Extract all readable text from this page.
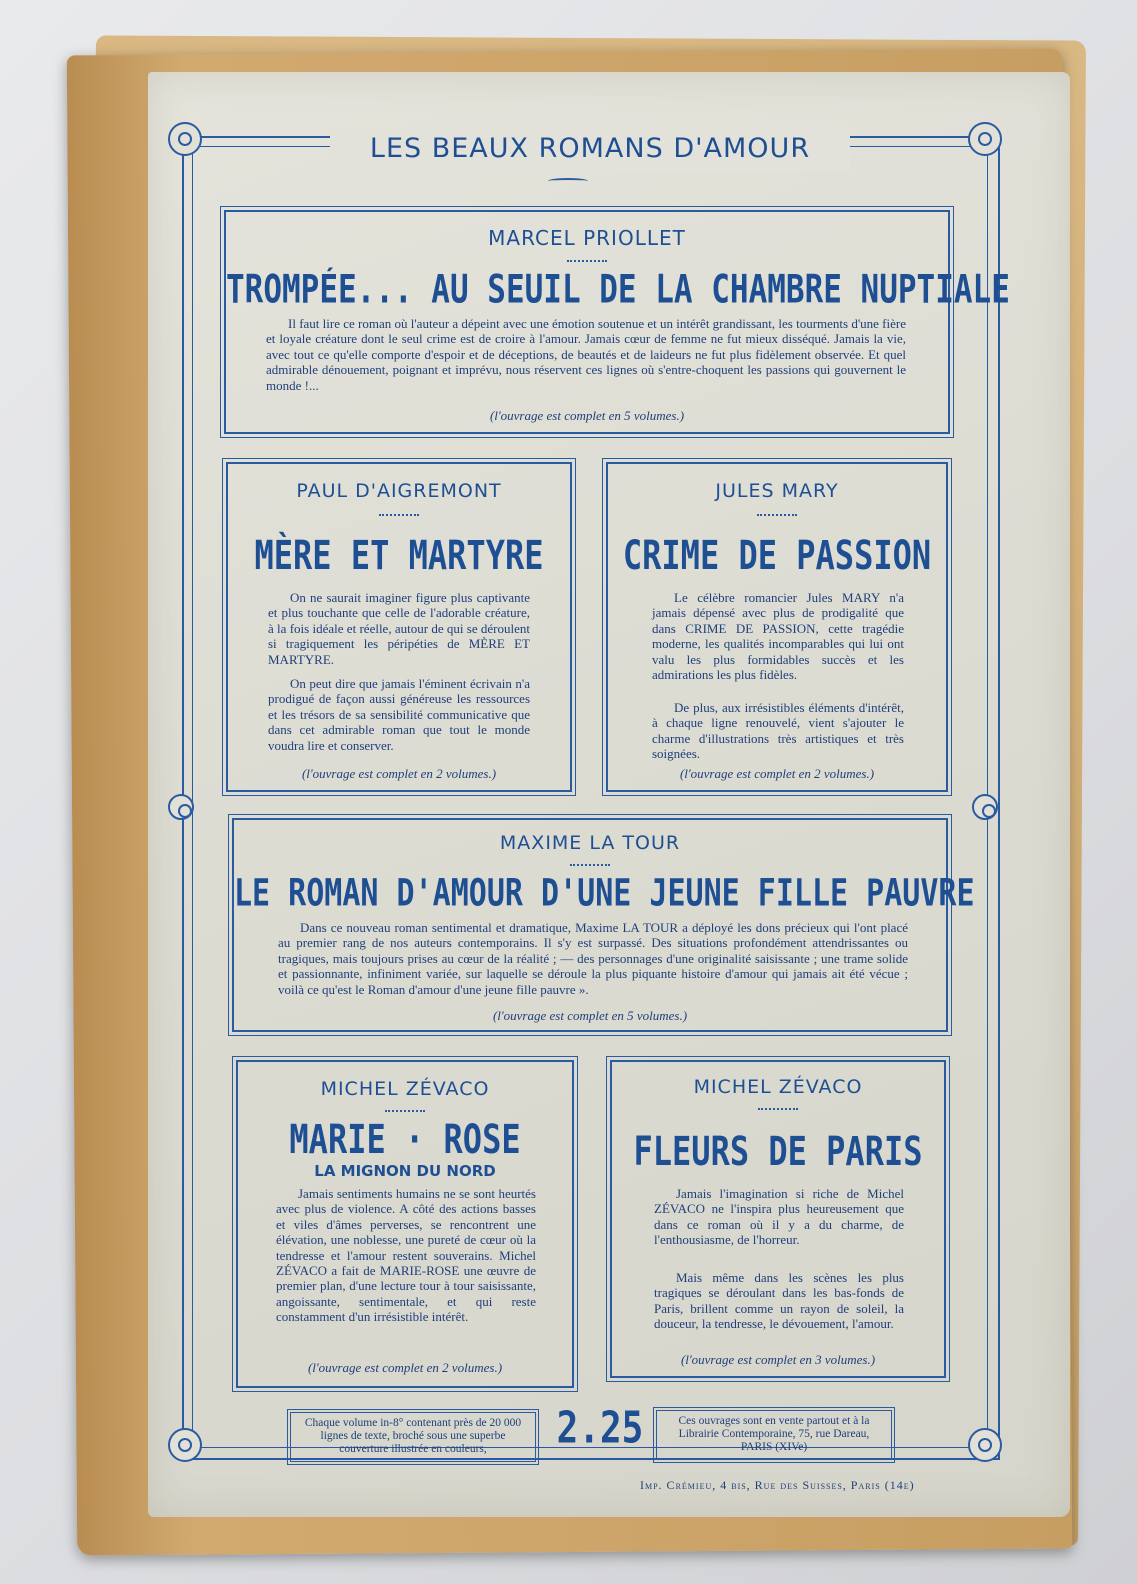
LES BEAUX ROMANS D'AMOUR
MARCEL PRIOLLET
TROMPÉE... AU SEUIL DE LA CHAMBRE NUPTIALE
Il faut lire ce roman où l'auteur a dépeint avec une émotion soutenue et un intérêt grandissant, les tourments d'une fière et loyale créature dont le seul crime est de croire à l'amour. Jamais cœur de femme ne fut mieux disséqué. Jamais la vie, avec tout ce qu'elle comporte d'espoir et de déceptions, de beautés et de laideurs ne fut plus fidèlement observée. Et quel admirable dénouement, poignant et imprévu, nous réservent ces lignes où s'entre-choquent les passions qui gouvernent le monde !...
(l'ouvrage est complet en 5 volumes.)
PAUL D'AIGREMONT
MÈRE ET MARTYRE
On ne saurait imaginer figure plus captivante et plus touchante que celle de l'adorable créature, à la fois idéale et réelle, autour de qui se déroulent si tragiquement les péripéties de MÈRE ET MARTYRE.
On peut dire que jamais l'éminent écrivain n'a prodigué de façon aussi généreuse les ressources et les trésors de sa sensibilité communicative que dans cet admirable roman que tout le monde voudra lire et conserver.
(l'ouvrage est complet en 2 volumes.)
JULES MARY
CRIME DE PASSION
Le célèbre romancier Jules MARY n'a jamais dépensé avec plus de prodigalité que dans CRIME DE PASSION, cette tragédie moderne, les qualités incomparables qui lui ont valu les plus formidables succès et les admirations les plus fidèles.
De plus, aux irrésistibles éléments d'intérêt, à chaque ligne renouvelé, vient s'ajouter le charme d'illustrations très artistiques et très soignées.
(l'ouvrage est complet en 2 volumes.)
MAXIME LA TOUR
LE ROMAN D'AMOUR D'UNE JEUNE FILLE PAUVRE
Dans ce nouveau roman sentimental et dramatique, Maxime LA TOUR a déployé les dons précieux qui l'ont placé au premier rang de nos auteurs contemporains. Il s'y est surpassé. Des situations profondément attendrissantes ou tragiques, mais toujours prises au cœur de la réalité ; — des personnages d'une originalité saisissante ; une trame solide et passionnante, infiniment variée, sur laquelle se déroule la plus piquante histoire d'amour qui jamais ait été vécue ; voilà ce qu'est le Roman d'amour d'une jeune fille pauvre ».
(l'ouvrage est complet en 5 volumes.)
MICHEL ZÉVACO
MARIE · ROSE
LA MIGNON DU NORD
Jamais sentiments humains ne se sont heurtés avec plus de violence. A côté des actions basses et viles d'âmes perverses, se rencontrent une élévation, une noblesse, une pureté de cœur où la tendresse et l'amour restent souverains. Michel ZÉVACO a fait de MARIE-ROSE une œuvre de premier plan, d'une lecture tour à tour saisissante, angoissante, sentimentale, et qui reste constamment d'un irrésistible intérêt.
(l'ouvrage est complet en 2 volumes.)
MICHEL ZÉVACO
FLEURS DE PARIS
Jamais l'imagination si riche de Michel ZÉVACO ne l'inspira plus heureusement que dans ce roman où il y a du charme, de l'enthousiasme, de l'horreur.
Mais même dans les scènes les plus tragiques se déroulant dans les bas-fonds de Paris, brillent comme un rayon de soleil, la douceur, la tendresse, le dévouement, l'amour.
(l'ouvrage est complet en 3 volumes.)
Chaque volume in-8° contenant près de 20 000 lignes de texte, broché sous une superbe couverture illustrée en couleurs,	2.25	Ces ouvrages sont en vente partout et à la Librairie Contemporaine, 75, rue Dareau, PARIS (XIVe)
Imp. Crémieu, 4 bis, Rue des Suisses, Paris (14e)
